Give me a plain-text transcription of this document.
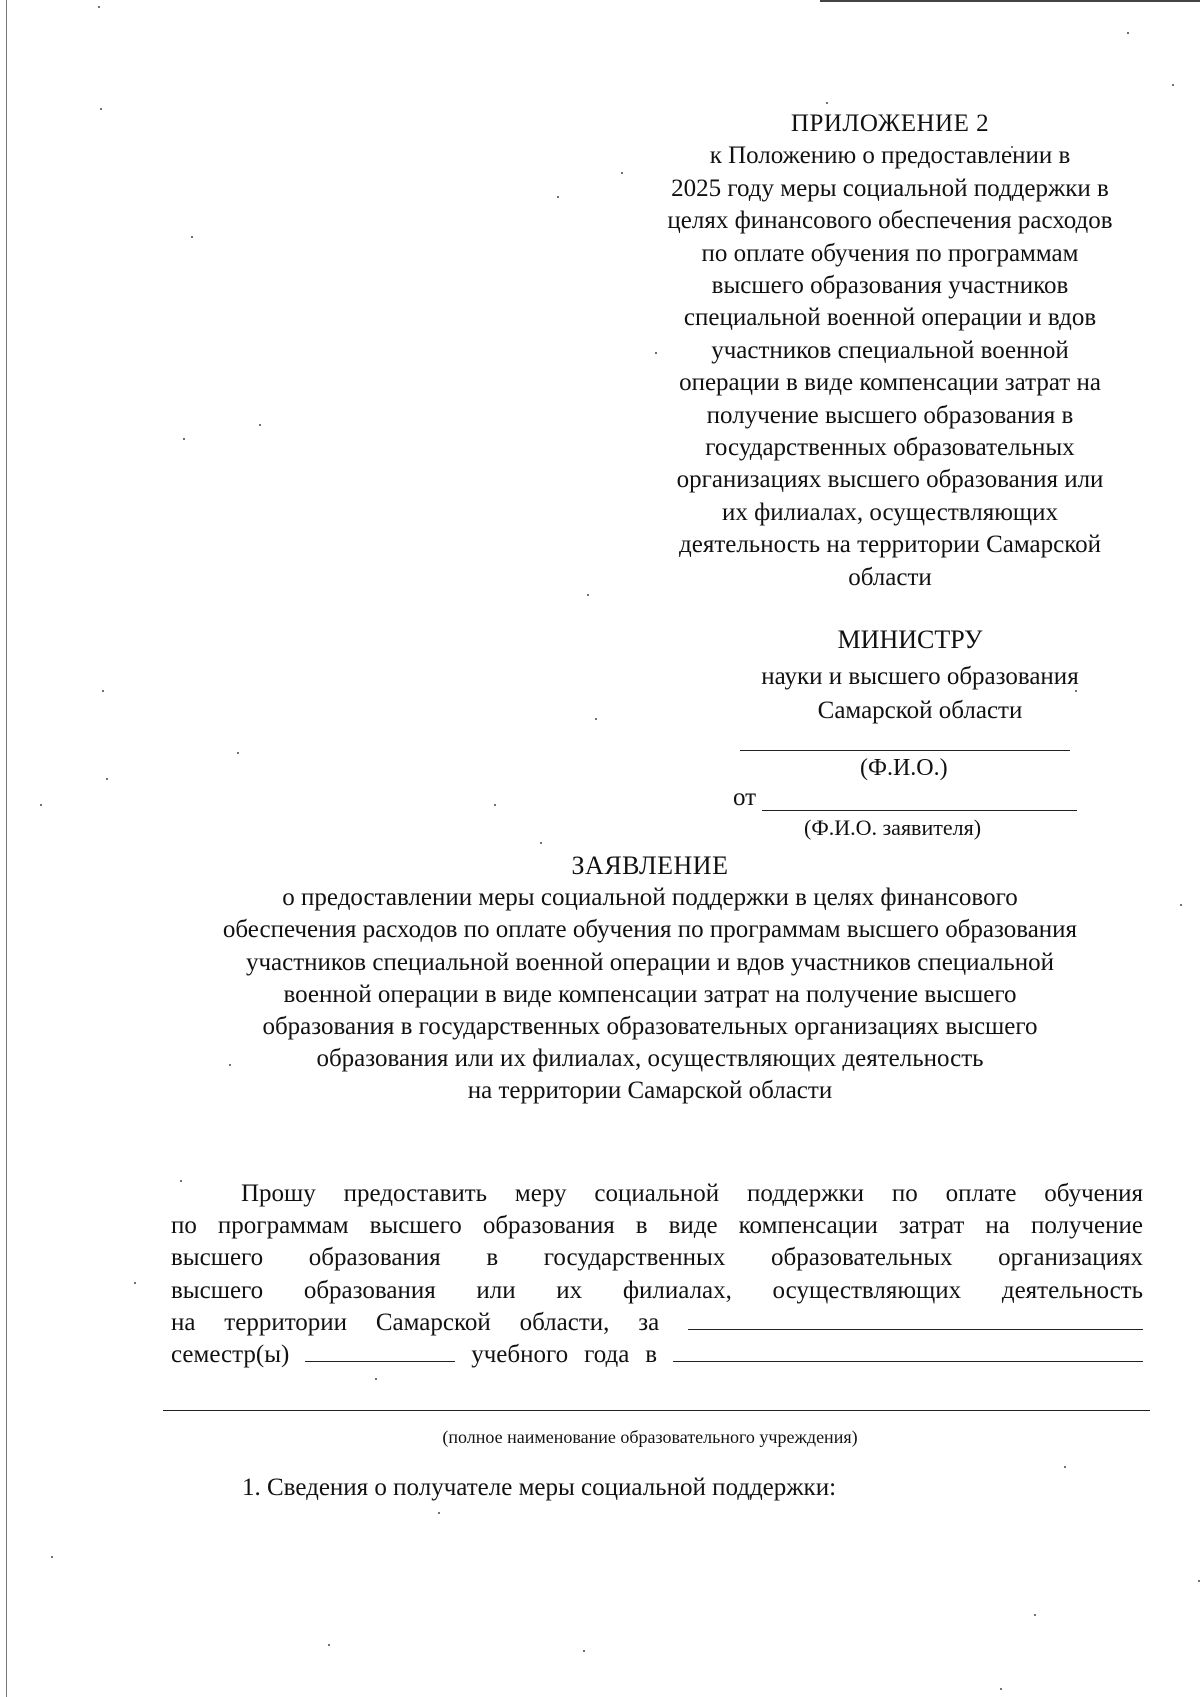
ПРИЛОЖЕНИЕ 2
к Положению о предоставлении в
2025 году меры социальной поддержки в
целях финансового обеспечения расходов
по оплате обучения по программам
высшего образования участников
специальной военной операции и вдов
участников специальной военной
операции в виде компенсации затрат на
получение высшего образования в
государственных образовательных
организациях высшего образования или
их филиалах, осуществляющих
деятельность на территории Самарской
области
МИНИСТРУ
науки и высшего образования
Самарской области
(Ф.И.О.)
от
(Ф.И.О. заявителя)
ЗАЯВЛЕНИЕ
о предоставлении меры социальной поддержки в целях финансового
обеспечения расходов по оплате обучения по программам высшего образования
участников специальной военной операции и вдов участников специальной
военной операции в виде компенсации затрат на получение высшего
образования в государственных образовательных организациях высшего
образования или их филиалах, осуществляющих деятельность
на территории Самарской области
Прошу предоставить меру социальной поддержки по оплате обучения
по программам высшего образования в виде компенсации затрат на получение
высшего образования в государственных образовательных организациях
высшего образования или их филиалах, осуществляющих деятельность
на территории Самарской области, за
семестр(ы)	учебного года в
(полное наименование образовательного учреждения)
1. Сведения о получателе меры социальной поддержки:
